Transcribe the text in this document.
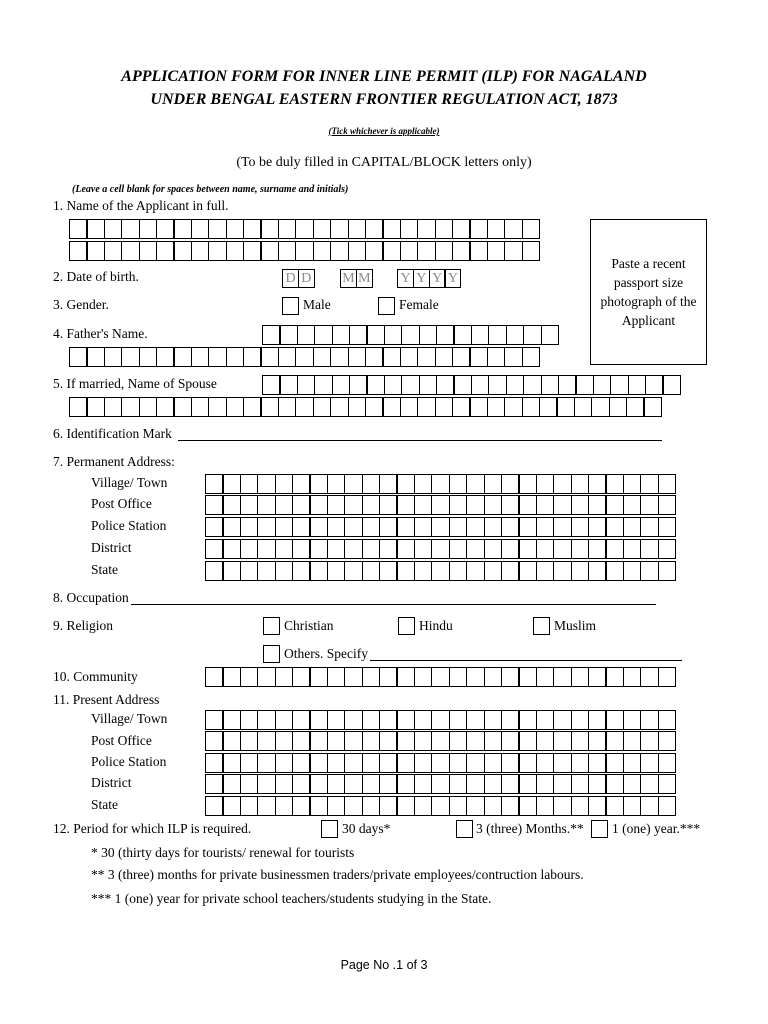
APPLICATION FORM FOR INNER LINE PERMIT (ILP) FOR NAGALAND
UNDER BENGAL EASTERN FRONTIER REGULATION ACT, 1873
(Tick whichever is applicable)
(To be duly filled in CAPITAL/BLOCK letters only)
(Leave a cell blank for spaces between name, surname and initials)
1. Name of the Applicant in full.
Paste a recent passport size photograph of the Applicant
2. Date of birth.	D D M M Y Y Y Y
3. Gender.	Male	Female
4. Father's Name.
5. If married, Name of Spouse
6. Identification Mark
7. Permanent Address:
Village/ Town
Post Office
Police Station
District
State
8. Occupation
9. Religion	Christian	Hindu	Muslim
Others. Specify
10. Community
11. Present Address
Village/ Town
Post Office
Police Station
District
State
12. Period for which ILP is required.	30 days*	3 (three) Months.** 1 (one) year.***
* 30 (thirty days for tourists/ renewal for tourists
** 3 (three) months for private businessmen traders/private employees/contruction labours.
*** 1 (one) year for private school teachers/students studying in the State.
Page No .1 of 3
